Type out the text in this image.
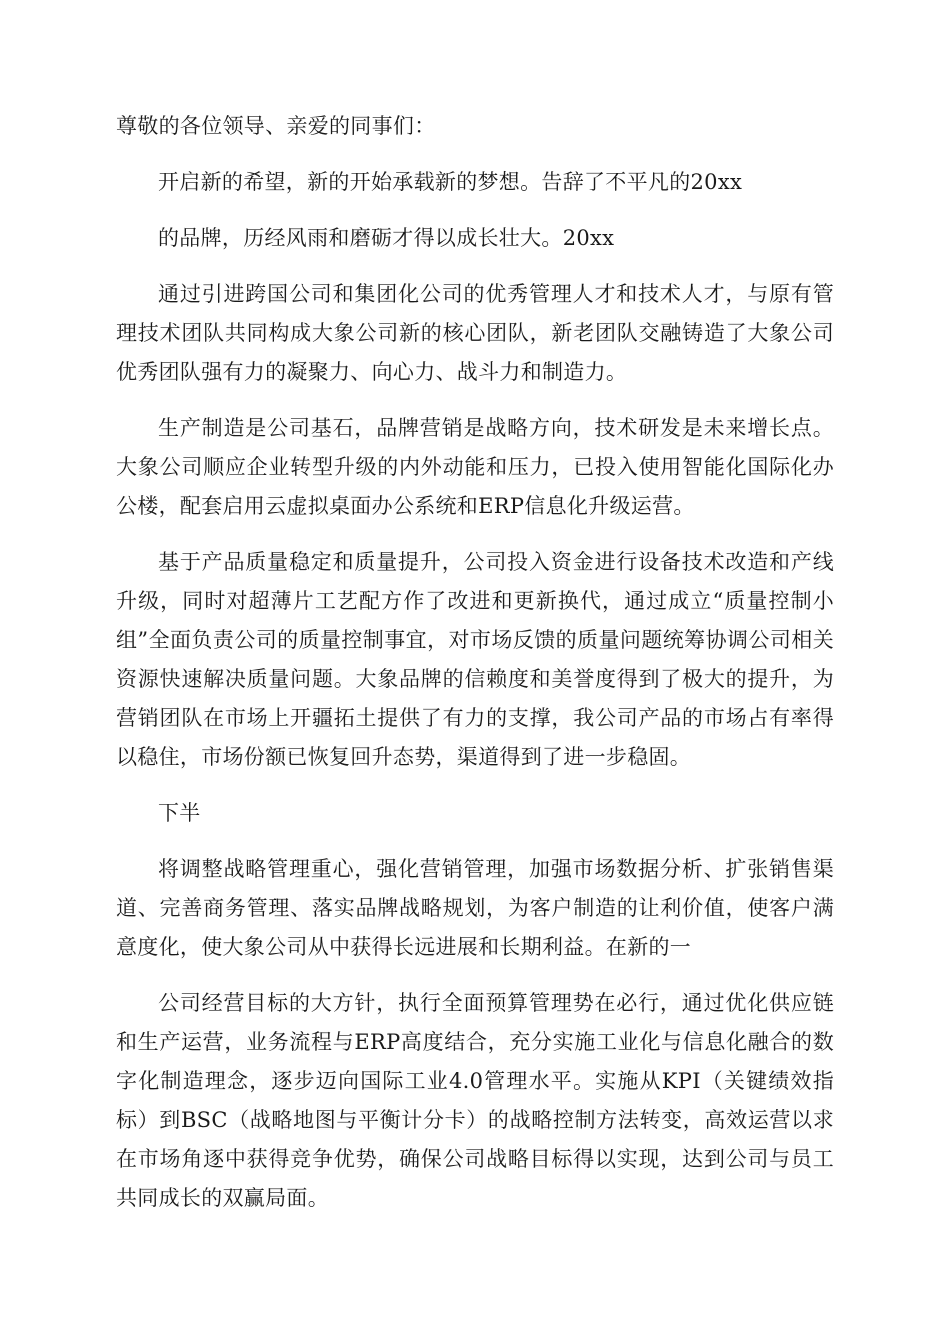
尊敬的各位领导、亲爱的同事们：

开启新的希望，新的开始承载新的梦想。告辞了不平凡的20xx

的品牌，历经风雨和磨砺才得以成长壮大。20xx

通过引进跨国公司和集团化公司的优秀管理人才和技术人才，与原有管理技术团队共同构成大象公司新的核心团队，新老团队交融铸造了大象公司优秀团队强有力的凝聚力、向心力、战斗力和制造力。

生产制造是公司基石，品牌营销是战略方向，技术研发是未来增长点。大象公司顺应企业转型升级的内外动能和压力，已投入使用智能化国际化办公楼，配套启用云虚拟桌面办公系统和ERP信息化升级运营。

基于产品质量稳定和质量提升，公司投入资金进行设备技术改造和产线升级，同时对超薄片工艺配方作了改进和更新换代，通过成立“质量控制小组”全面负责公司的质量控制事宜，对市场反馈的质量问题统筹协调公司相关资源快速解决质量问题。大象品牌的信赖度和美誉度得到了极大的提升，为营销团队在市场上开疆拓土提供了有力的支撑，我公司产品的市场占有率得以稳住，市场份额已恢复回升态势，渠道得到了进一步稳固。

下半

将调整战略管理重心，强化营销管理，加强市场数据分析、扩张销售渠道、完善商务管理、落实品牌战略规划，为客户制造的让利价值，使客户满意度化，使大象公司从中获得长远进展和长期利益。在新的一

公司经营目标的大方针，执行全面预算管理势在必行，通过优化供应链和生产运营，业务流程与ERP高度结合，充分实施工业化与信息化融合的数字化制造理念，逐步迈向国际工业4.0管理水平。实施从KPI（关键绩效指标）到BSC（战略地图与平衡计分卡）的战略控制方法转变，高效运营以求在市场角逐中获得竞争优势，确保公司战略目标得以实现，达到公司与员工共同成长的双赢局面。
